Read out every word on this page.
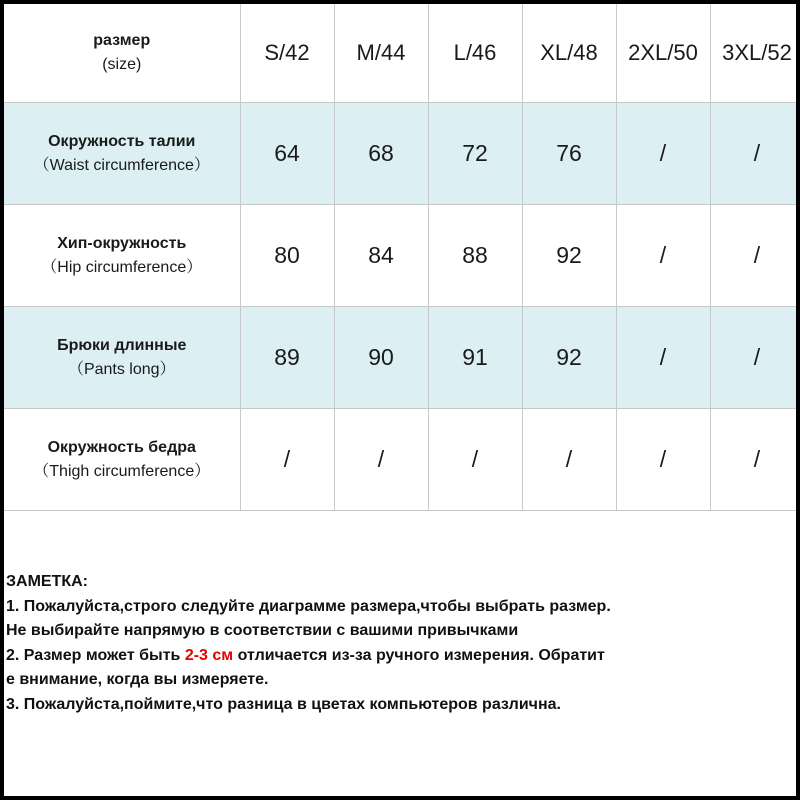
размер
(size)	S/42	M/44	L/46	XL/48	2XL/50	3XL/52

Окружность талии
（Waist circumference）	64	68	72	76	/	/

Хип-окружность
（Hip circumference）	80	84	88	92	/	/

Брюки длинные
（Pants long）	89	90	91	92	/	/

Окружность бедра
（Thigh circumference）	/	/	/	/	/	/

ЗАМЕТКА:

1. Пожалуйста,строго следуйте диаграмме размера,чтобы выбрать размер.

Не выбирайте напрямую в соответствии с вашими привычками

2. Размер может быть 2-3 см отличается из-за ручного измерения. Обратит

е внимание, когда вы измеряете.

3. Пожалуйста,поймите,что разница в цветах компьютеров различна.
